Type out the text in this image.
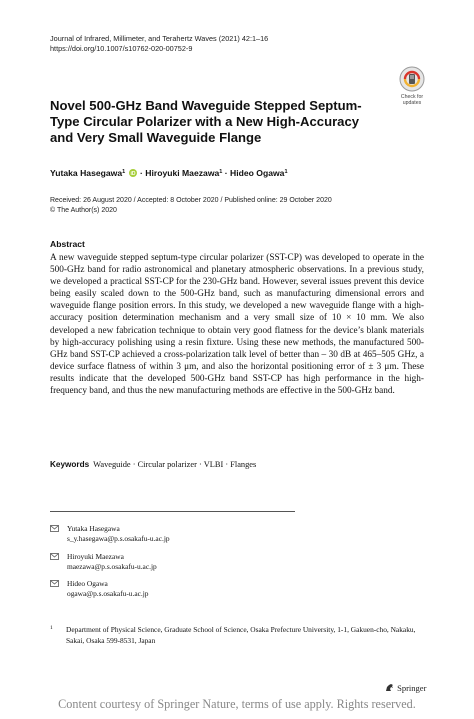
Journal of Infrared, Millimeter, and Terahertz Waves (2021) 42:1–16
https://doi.org/10.1007/s10762-020-00752-9
Check for
updates
Novel 500-GHz Band Waveguide Stepped Septum-Type Circular Polarizer with a New High-Accuracy and Very Small Waveguide Flange
Yutaka Hasegawa$^1$ iD · Hiroyuki Maezawa$^1$ · Hideo Ogawa$^1$
Received: 26 August 2020 / Accepted: 8 October 2020 / Published online: 29 October 2020
© The Author(s) 2020
Abstract
A new waveguide stepped septum-type circular polarizer (SST-CP) was developed to operate in the 500-GHz band for radio astronomical and planetary atmospheric observations. In a previous study, we developed a practical SST-CP for the 230-GHz band. However, several issues prevent this device being easily scaled down to the 500-GHz band, such as manufacturing dimensional errors and waveguide flange position errors. In this study, we developed a new waveguide flange with a high-accuracy position determination mechanism and a very small size of 10 × 10 mm. We also developed a new fabrication technique to obtain very good flatness for the device’s blank materials by high-accuracy polishing using a resin fixture. Using these new methods, the manufactured 500-GHz band SST-CP achieved a cross-polarization talk level of better than – 30 dB at 465–505 GHz, a device surface flatness of within 3 μm, and also the horizontal positioning error of ± 3 μm. These results indicate that the developed 500-GHz band SST-CP has high performance in the high-frequency band, and thus the new manufacturing methods are effective in the 500-GHz band.
Keywords Waveguide · Circular polarizer · VLBI · Flanges
Yutaka Hasegawa
s_y.hasegawa@p.s.osakafu-u.ac.jp
Hiroyuki Maezawa
maezawa@p.s.osakafu-u.ac.jp
Hideo Ogawa
ogawa@p.s.osakafu-u.ac.jp
1 Department of Physical Science, Graduate School of Science, Osaka Prefecture University, 1-1, Gakuen-cho, Nakaku, Sakai, Osaka 599-8531, Japan
Springer
Content courtesy of Springer Nature, terms of use apply. Rights reserved.
